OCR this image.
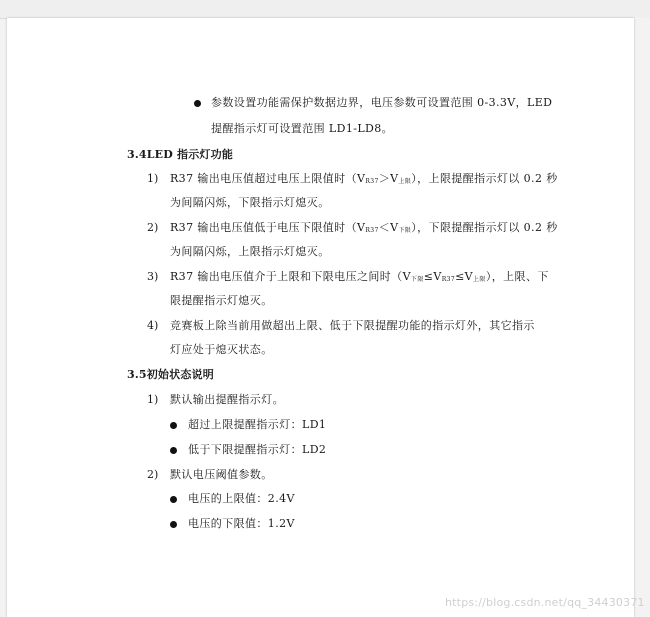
参数设置功能需保护数据边界，电压参数可设置范围 0-3.3V，LED
提醒指示灯可设置范围 LD1-LD8。
3.4LED 指示灯功能
1) R37 输出电压值超过电压上限值时$(V_{R37}>V_{上限})$，上限提醒指示灯以 0.2 秒
为间隔闪烁，下限指示灯熄灭。
2) R37 输出电压值低于电压下限值时$(V_{R37}<V_{下限})$，下限提醒指示灯以 0.2 秒
为间隔闪烁，上限指示灯熄灭。
3) R37 输出电压值介于上限和下限电压之间时$(V_{下限}\le V_{R37}\le V_{上限})$，上限、下
限提醒指示灯熄灭。
4) 竞赛板上除当前用做超出上限、低于下限提醒功能的指示灯外，其它指示
灯应处于熄灭状态。
3.5初始状态说明
1) 默认输出提醒指示灯。
超过上限提醒指示灯：LD1
低于下限提醒指示灯：LD2
2) 默认电压阈值参数。
电压的上限值：2.4V
电压的下限值：1.2V
https://blog.csdn.net/qq_34430371
